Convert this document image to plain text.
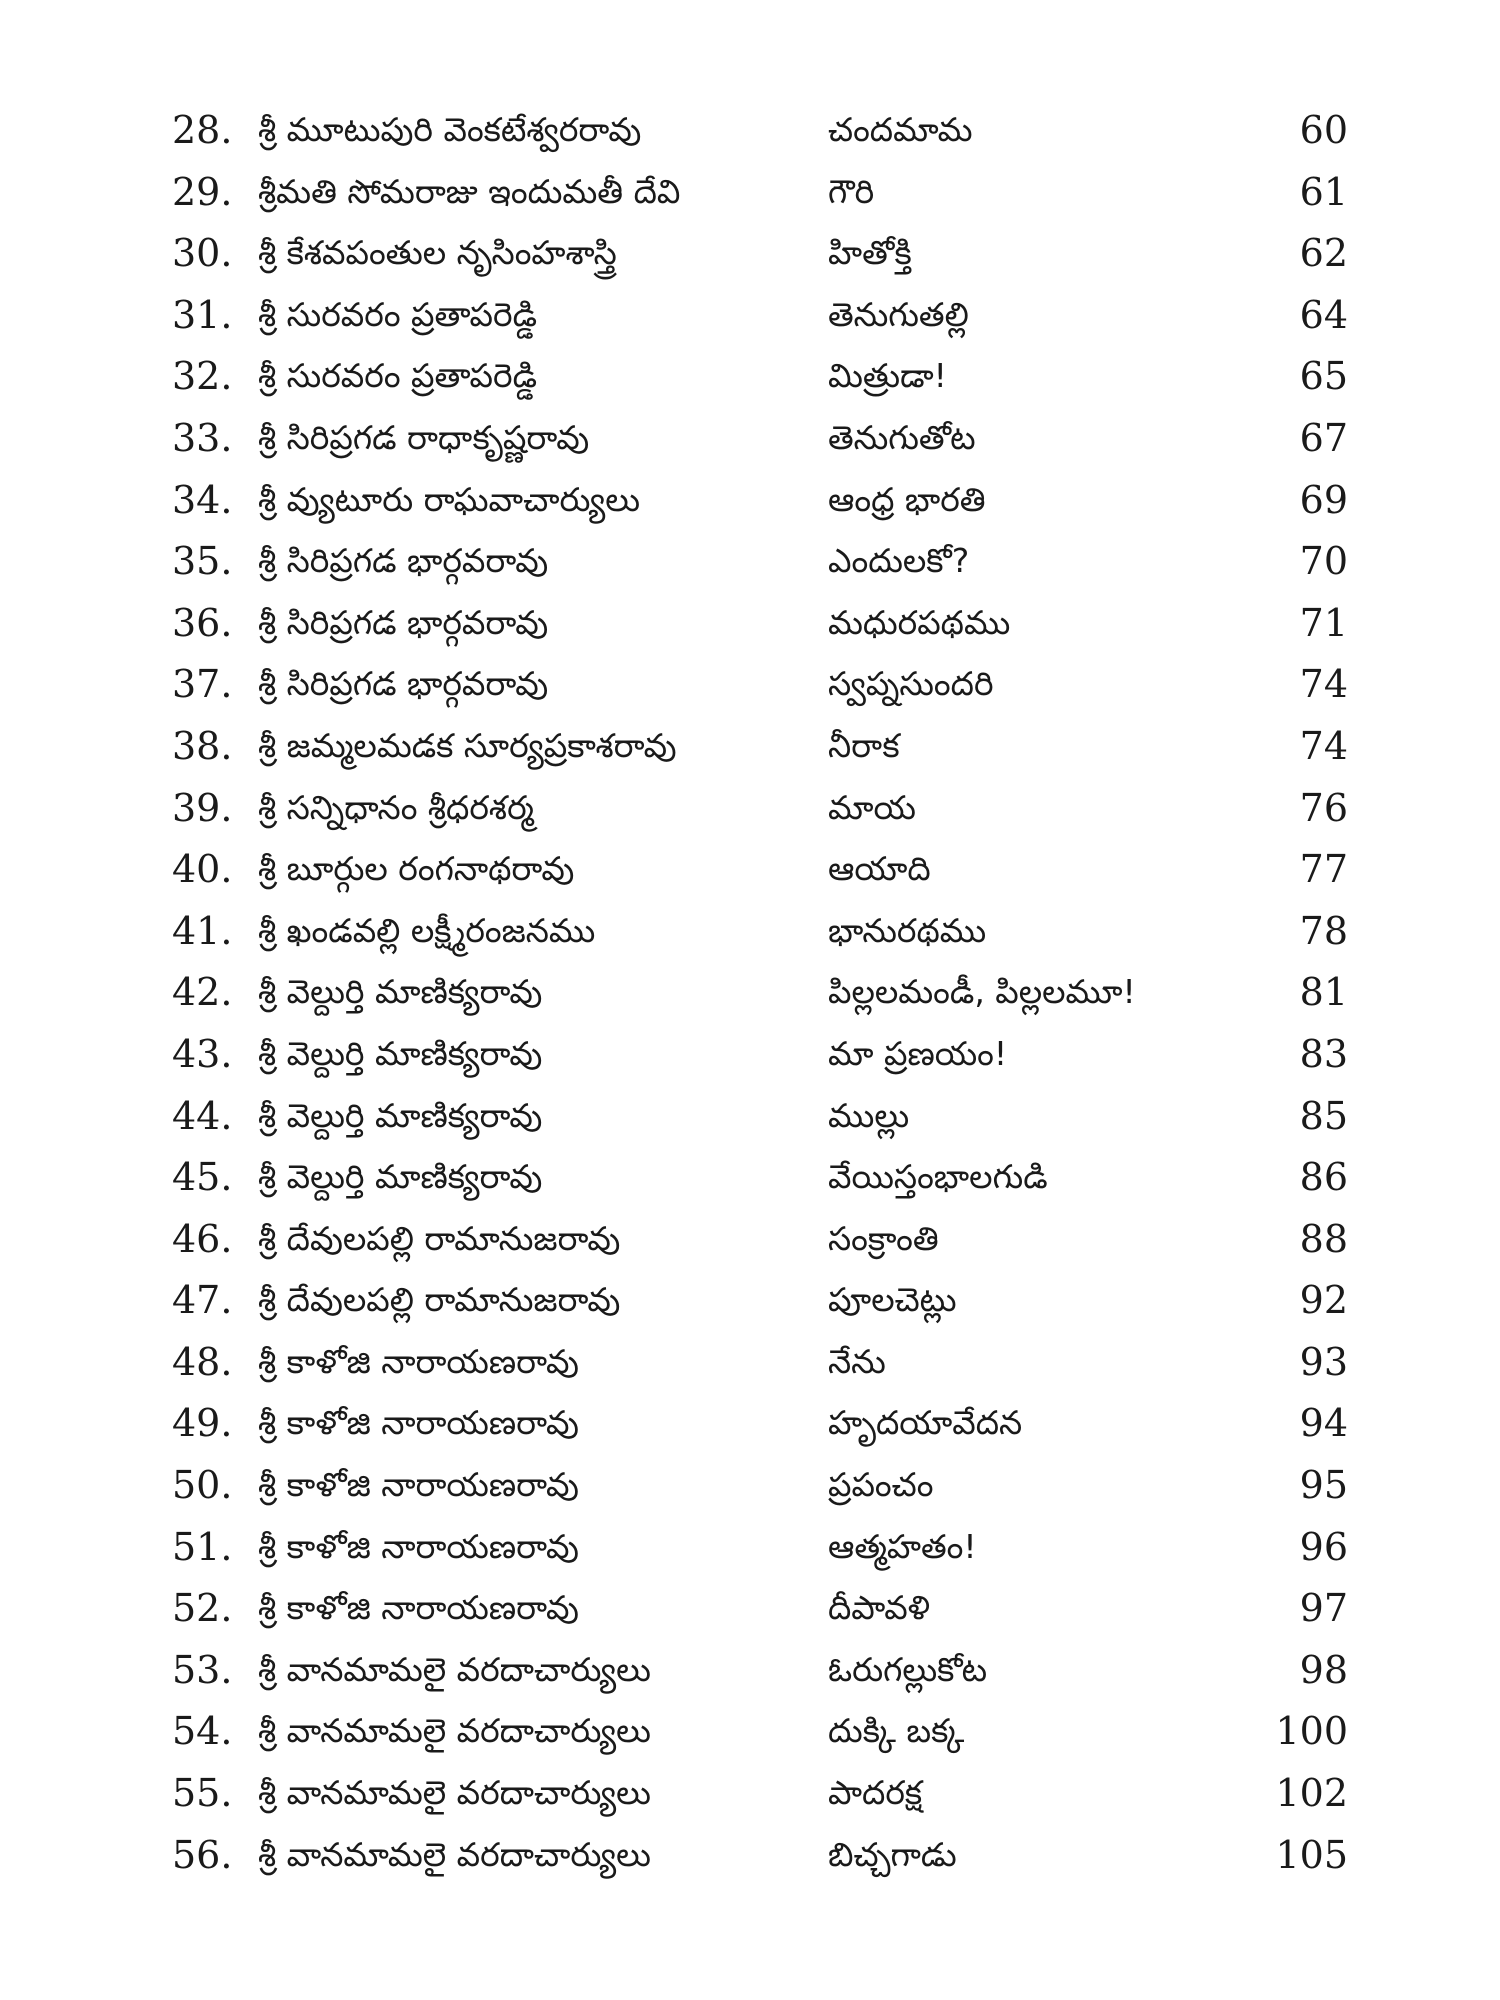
28. శ్రీ మూటుపురి వెంకటేశ్వరరావు	చందమామ	60
29. శ్రీమతి సోమరాజు ఇందుమతీ దేవి	గౌరి	61
30. శ్రీ కేశవపంతుల నృసింహశాస్త్రి	హితోక్తి	62
31. శ్రీ సురవరం ప్రతాపరెడ్డి	తెనుగుతల్లి	64
32. శ్రీ సురవరం ప్రతాపరెడ్డి	మిత్రుడా!	65
33. శ్రీ సిరిప్రగడ రాధాకృష్ణరావు	తెనుగుతోట	67
34. శ్రీ వ్యుటూరు రాఘవాచార్యులు	ఆంధ్ర భారతి	69
35. శ్రీ సిరిప్రగడ భార్గవరావు	ఎందులకో?	70
36. శ్రీ సిరిప్రగడ భార్గవరావు	మధురపథము	71
37. శ్రీ సిరిప్రగడ భార్గవరావు	స్వప్నసుందరి	74
38. శ్రీ జమ్మలమడక సూర్యప్రకాశరావు	నీరాక	74
39. శ్రీ సన్నిధానం శ్రీధరశర్మ	మాయ	76
40. శ్రీ బూర్గుల రంగనాథరావు	ఆయాది	77
41. శ్రీ ఖండవల్లి లక్ష్మీరంజనము	భానురథము	78
42. శ్రీ వెల్దుర్తి మాణిక్యరావు	పిల్లలమండీ, పిల్లలమూ!	81
43. శ్రీ వెల్దుర్తి మాణిక్యరావు	మా ప్రణయం!	83
44. శ్రీ వెల్దుర్తి మాణిక్యరావు	ముల్లు	85
45. శ్రీ వెల్దుర్తి మాణిక్యరావు	వేయిస్తంభాలగుడి	86
46. శ్రీ దేవులపల్లి రామానుజరావు	సంక్రాంతి	88
47. శ్రీ దేవులపల్లి రామానుజరావు	పూలచెట్లు	92
48. శ్రీ కాళోజి నారాయణరావు	నేను	93
49. శ్రీ కాళోజి నారాయణరావు	హృదయావేదన	94
50. శ్రీ కాళోజి నారాయణరావు	ప్రపంచం	95
51. శ్రీ కాళోజి నారాయణరావు	ఆత్మహతం!	96
52. శ్రీ కాళోజి నారాయణరావు	దీపావళి	97
53. శ్రీ వానమామలై వరదాచార్యులు	ఓరుగల్లుకోట	98
54. శ్రీ వానమామలై వరదాచార్యులు	దుక్కి బక్క	100
55. శ్రీ వానమామలై వరదాచార్యులు	పాదరక్ష	102
56. శ్రీ వానమామలై వరదాచార్యులు	బిచ్చగాడు	105
